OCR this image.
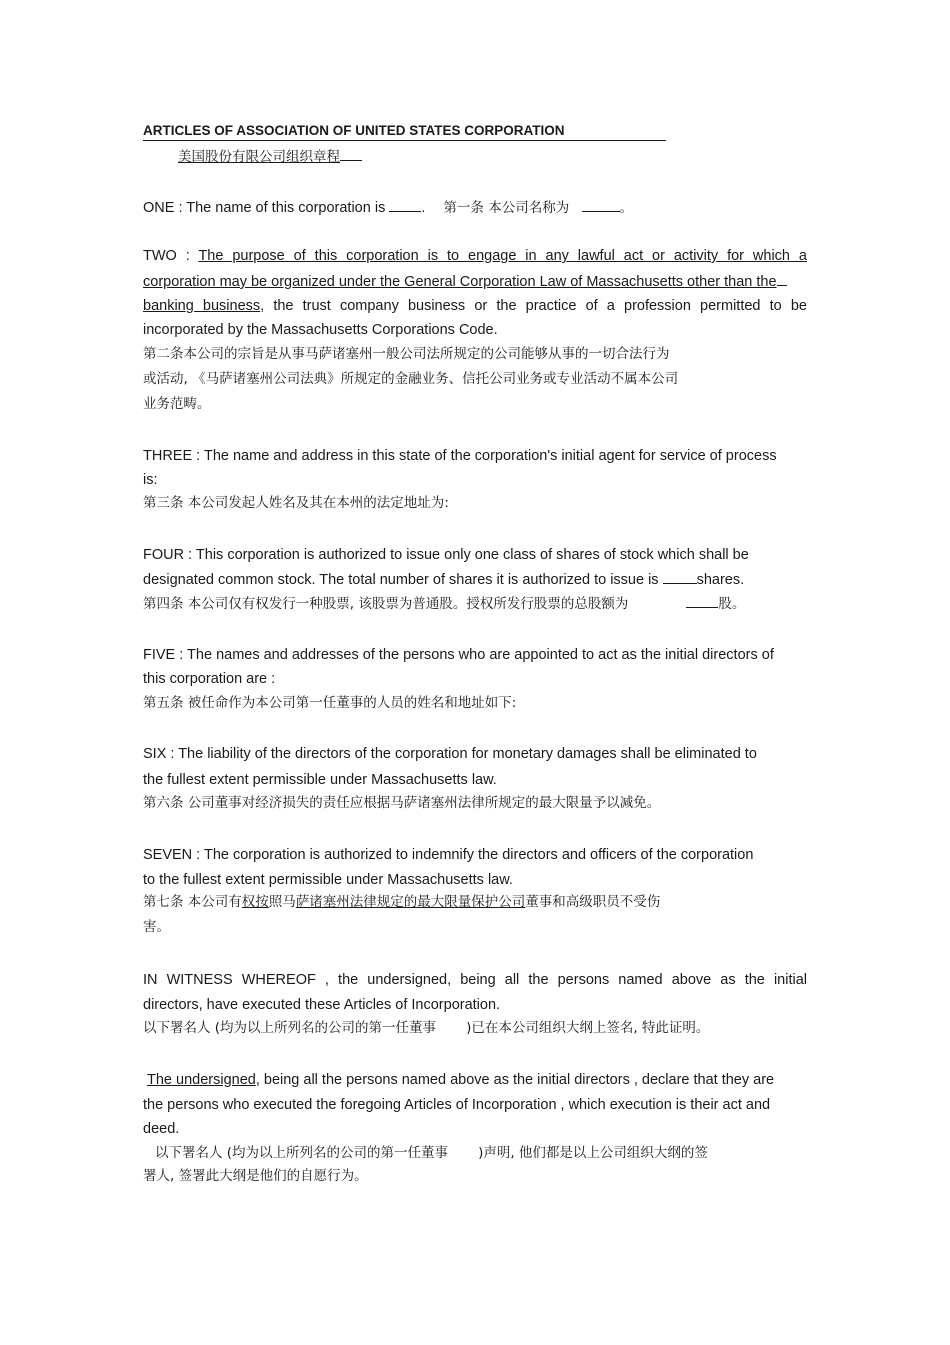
ARTICLES OF ASSOCIATION OF UNITED STATES CORPORATION
美国股份有限公司组织章程
ONE : The name of this corporation is . 第一条 本公司名称为	。
TWO : The purpose of this corporation is to engage in any lawful act or activity for which a
corporation may be organized under the General Corporation Law of Massachusetts other than the
banking business, the trust company business or the practice of a profession permitted to be
incorporated by the Massachusetts Corporations Code.
第二条本公司的宗旨是从事马萨诸塞州一般公司法所规定的公司能够从事的一切合法行为
或活动, 《马萨诸塞州公司法典》所规定的金融业务、信托公司业务或专业活动不属本公司
业务范畴。
THREE : The name and address in this state of the corporation's initial agent for service of process
is:
第三条 本公司发起人姓名及其在本州的法定地址为:
FOUR : This corporation is authorized to issue only one class of shares of stock which shall be
designated common stock. The total number of shares it is authorized to issue is shares.
第四条 本公司仅有权发行一种股票, 该股票为普通股。授权所发行股票的总股额为	股。
FIVE : The names and addresses of the persons who are appointed to act as the initial directors of
this corporation are :
第五条 被任命作为本公司第一任董事的人员的姓名和地址如下:
SIX : The liability of the directors of the corporation for monetary damages shall be eliminated to
the fullest extent permissible under Massachusetts law.
第六条 公司董事对经济损失的责任应根据马萨诸塞州法律所规定的最大限量予以减免。
SEVEN : The corporation is authorized to indemnify the directors and officers of the corporation
to the fullest extent permissible under Massachusetts law.
第七条 本公司有权按照马萨诸塞州法律规定的最大限量保护公司董事和高级职员不受伤
害。
IN WITNESS WHEREOF , the undersigned, being all the persons named above as the initial
directors, have executed these Articles of Incorporation.
以下署名人 (均为以上所列名的公司的第一任董事 )已在本公司组织大纲上签名, 特此证明。
The undersigned, being all the persons named above as the initial directors , declare that they are
the persons who executed the foregoing Articles of Incorporation , which execution is their act and
deed.
以下署名人 (均为以上所列名的公司的第一任董事 )声明, 他们都是以上公司组织大纲的签
署人, 签署此大纲是他们的自愿行为。
